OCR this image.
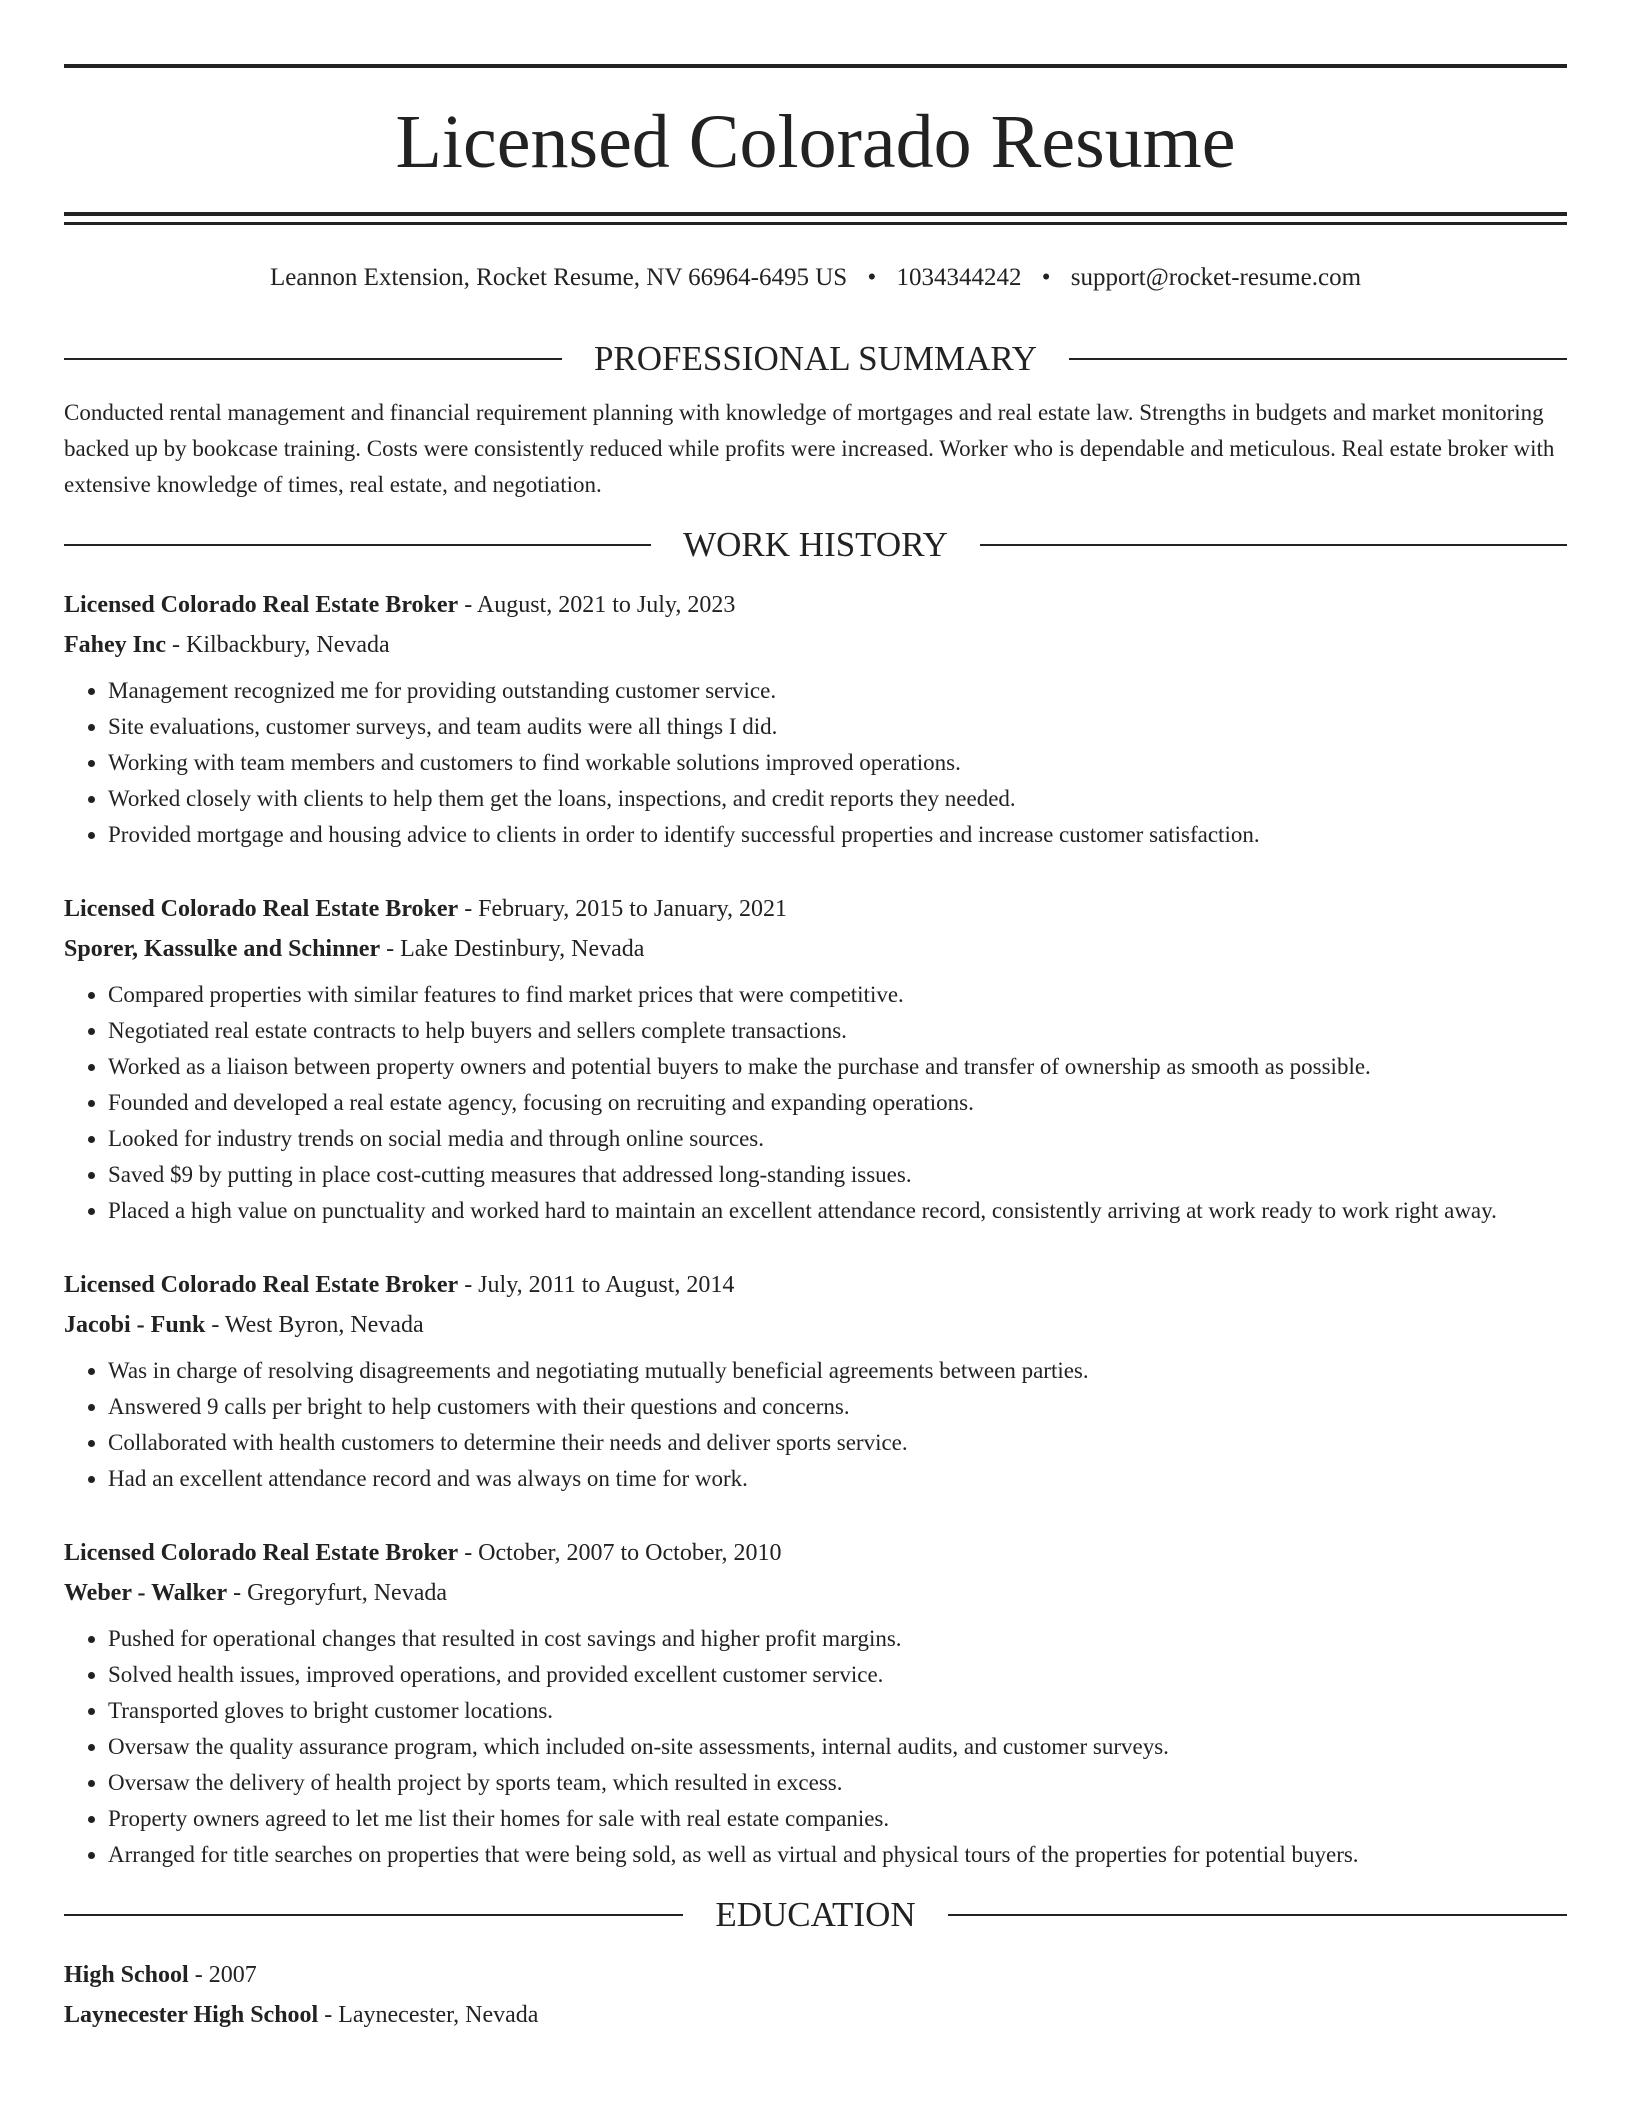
Licensed Colorado Resume
Leannon Extension, Rocket Resume, NV 66964-6495 US • 1034344242 • support@rocket-resume.com
PROFESSIONAL SUMMARY
Conducted rental management and financial requirement planning with knowledge of mortgages and real estate law. Strengths in budgets and market monitoring backed up by bookcase training. Costs were consistently reduced while profits were increased. Worker who is dependable and meticulous. Real estate broker with extensive knowledge of times, real estate, and negotiation.
WORK HISTORY
Licensed Colorado Real Estate Broker - August, 2021 to July, 2023
Fahey Inc - Kilbackbury, Nevada
• Management recognized me for providing outstanding customer service.
• Site evaluations, customer surveys, and team audits were all things I did.
• Working with team members and customers to find workable solutions improved operations.
• Worked closely with clients to help them get the loans, inspections, and credit reports they needed.
• Provided mortgage and housing advice to clients in order to identify successful properties and increase customer satisfaction.
Licensed Colorado Real Estate Broker - February, 2015 to January, 2021
Sporer, Kassulke and Schinner - Lake Destinbury, Nevada
• Compared properties with similar features to find market prices that were competitive.
• Negotiated real estate contracts to help buyers and sellers complete transactions.
• Worked as a liaison between property owners and potential buyers to make the purchase and transfer of ownership as smooth as possible.
• Founded and developed a real estate agency, focusing on recruiting and expanding operations.
• Looked for industry trends on social media and through online sources.
• Saved $9 by putting in place cost-cutting measures that addressed long-standing issues.
• Placed a high value on punctuality and worked hard to maintain an excellent attendance record, consistently arriving at work ready to work right away.
Licensed Colorado Real Estate Broker - July, 2011 to August, 2014
Jacobi - Funk - West Byron, Nevada
• Was in charge of resolving disagreements and negotiating mutually beneficial agreements between parties.
• Answered 9 calls per bright to help customers with their questions and concerns.
• Collaborated with health customers to determine their needs and deliver sports service.
• Had an excellent attendance record and was always on time for work.
Licensed Colorado Real Estate Broker - October, 2007 to October, 2010
Weber - Walker - Gregoryfurt, Nevada
• Pushed for operational changes that resulted in cost savings and higher profit margins.
• Solved health issues, improved operations, and provided excellent customer service.
• Transported gloves to bright customer locations.
• Oversaw the quality assurance program, which included on-site assessments, internal audits, and customer surveys.
• Oversaw the delivery of health project by sports team, which resulted in excess.
• Property owners agreed to let me list their homes for sale with real estate companies.
• Arranged for title searches on properties that were being sold, as well as virtual and physical tours of the properties for potential buyers.
EDUCATION
High School - 2007
Laynecester High School - Laynecester, Nevada
